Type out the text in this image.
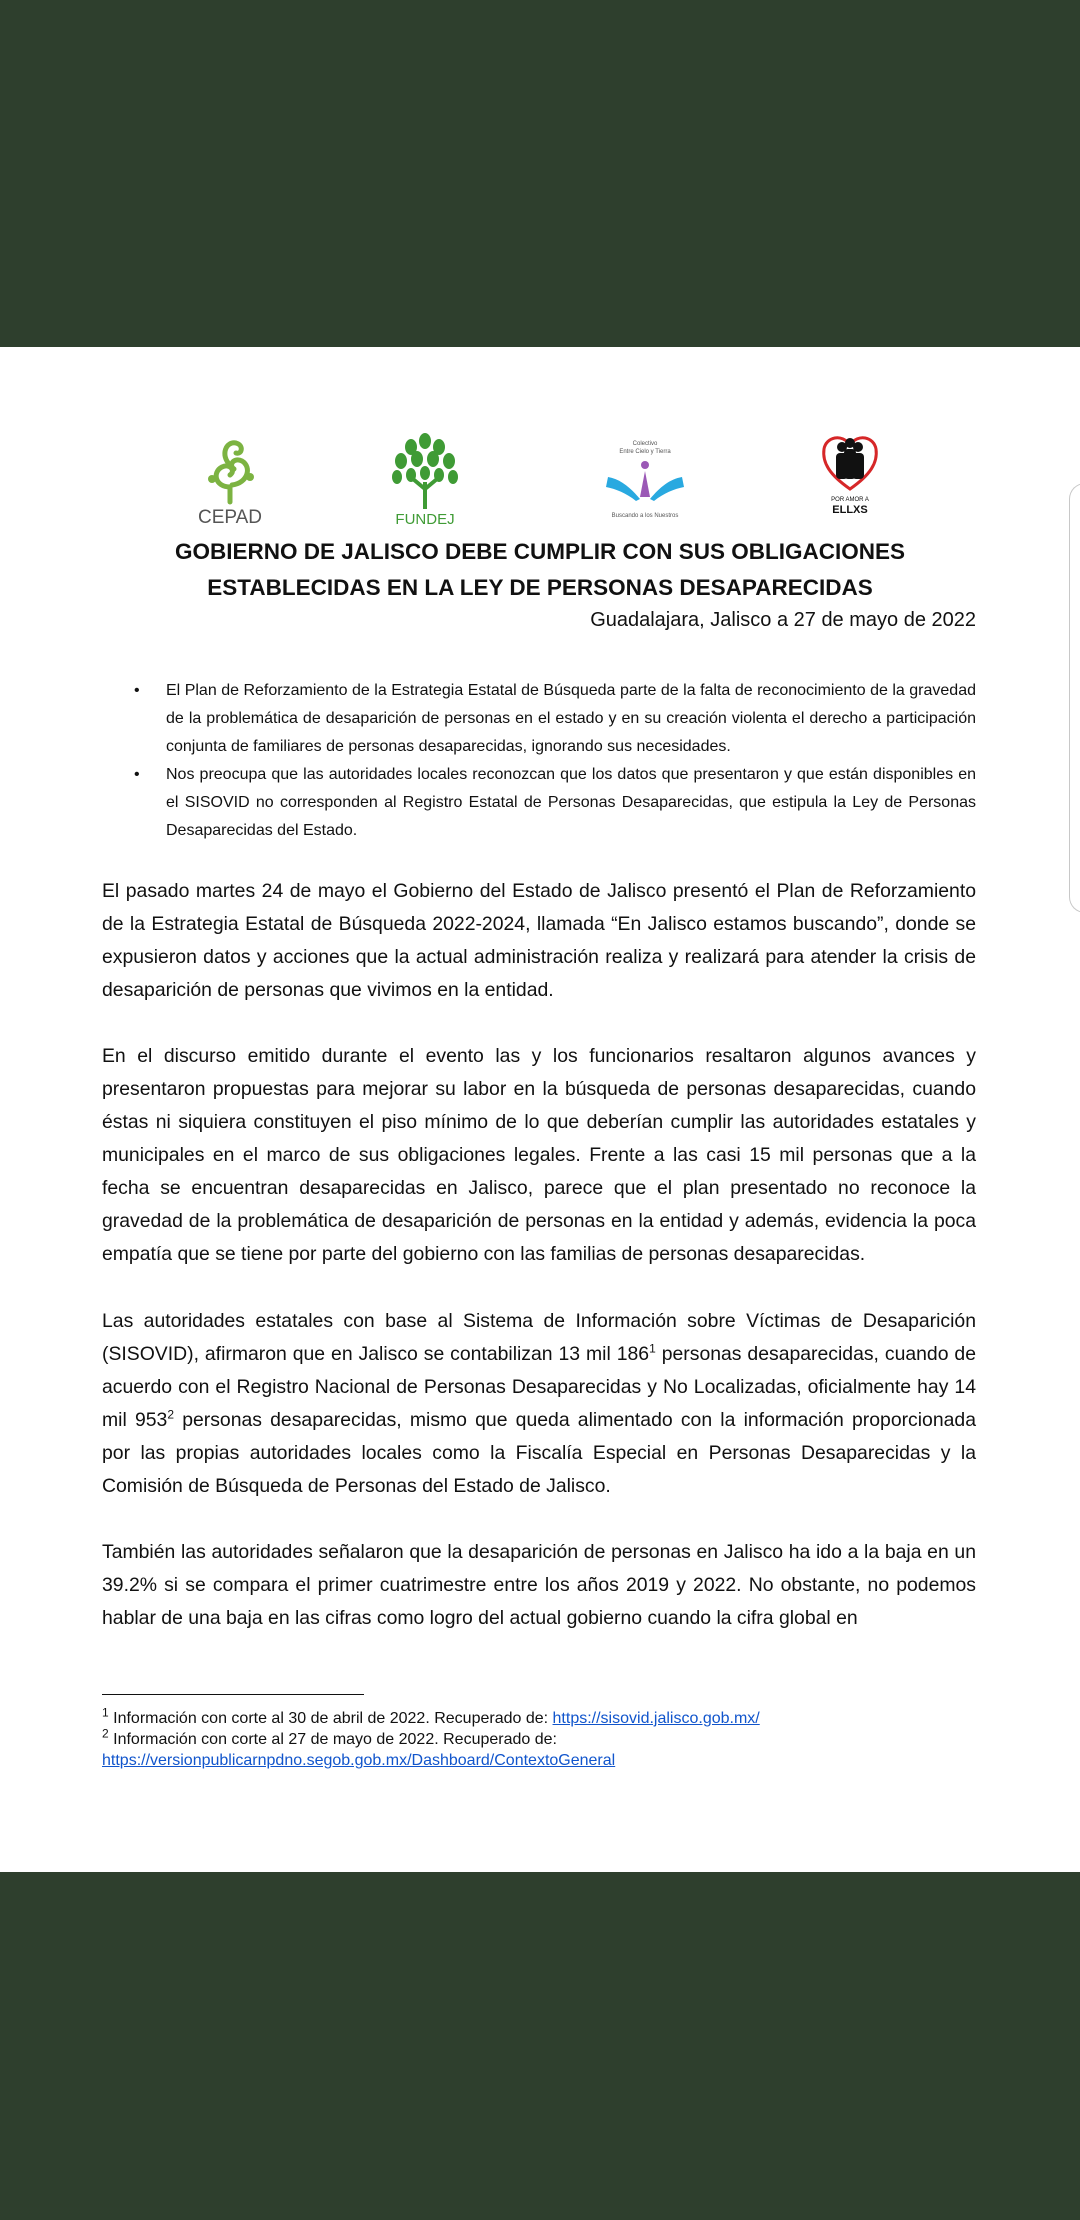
CEPAD	FUNDEJ
Colectivo
Entre Cielo y Tierra
Buscando a los Nuestros
POR AMOR A
ELLXS
GOBIERNO DE JALISCO DEBE CUMPLIR CON SUS OBLIGACIONES
ESTABLECIDAS EN LA LEY DE PERSONAS DESAPARECIDAS
Guadalajara, Jalisco a 27 de mayo de 2022
• El Plan de Reforzamiento de la Estrategia Estatal de Búsqueda parte de la falta de reconocimiento de la gravedad de la problemática de desaparición de personas en el estado y en su creación violenta el derecho a participación conjunta de familiares de personas desaparecidas, ignorando sus necesidades.
• Nos preocupa que las autoridades locales reconozcan que los datos que presentaron y que están disponibles en el SISOVID no corresponden al Registro Estatal de Personas Desaparecidas, que estipula la Ley de Personas Desaparecidas del Estado.

El pasado martes 24 de mayo el Gobierno del Estado de Jalisco presentó el Plan de Reforzamiento de la Estrategia Estatal de Búsqueda 2022-2024, llamada “En Jalisco estamos buscando”, donde se expusieron datos y acciones que la actual administración realiza y realizará para atender la crisis de desaparición de personas que vivimos en la entidad.

En el discurso emitido durante el evento las y los funcionarios resaltaron algunos avances y presentaron propuestas para mejorar su labor en la búsqueda de personas desaparecidas, cuando éstas ni siquiera constituyen el piso mínimo de lo que deberían cumplir las autoridades estatales y municipales en el marco de sus obligaciones legales. Frente a las casi 15 mil personas que a la fecha se encuentran desaparecidas en Jalisco, parece que el plan presentado no reconoce la gravedad de la problemática de desaparición de personas en la entidad y además, evidencia la poca empatía que se tiene por parte del gobierno con las familias de personas desaparecidas.

Las autoridades estatales con base al Sistema de Información sobre Víctimas de Desaparición (SISOVID), afirmaron que en Jalisco se contabilizan 13 mil $186^1$ personas desaparecidas, cuando de acuerdo con el Registro Nacional de Personas Desaparecidas y No Localizadas, oficialmente hay 14 mil $953^2$ personas desaparecidas, mismo que queda alimentado con la información proporcionada por las propias autoridades locales como la Fiscalía Especial en Personas Desaparecidas y la Comisión de Búsqueda de Personas del Estado de Jalisco.

También las autoridades señalaron que la desaparición de personas en Jalisco ha ido a la baja en un 39.2% si se compara el primer cuatrimestre entre los años 2019 y 2022. No obstante, no podemos hablar de una baja en las cifras como logro del actual gobierno cuando la cifra global en

$^1$ Información con corte al 30 de abril de 2022. Recuperado de: https://sisovid.jalisco.gob.mx/

$^2$ Información con corte al 27 de mayo de 2022. Recuperado de:
https://versionpublicarnpdno.segob.gob.mx/Dashboard/ContextoGeneral
